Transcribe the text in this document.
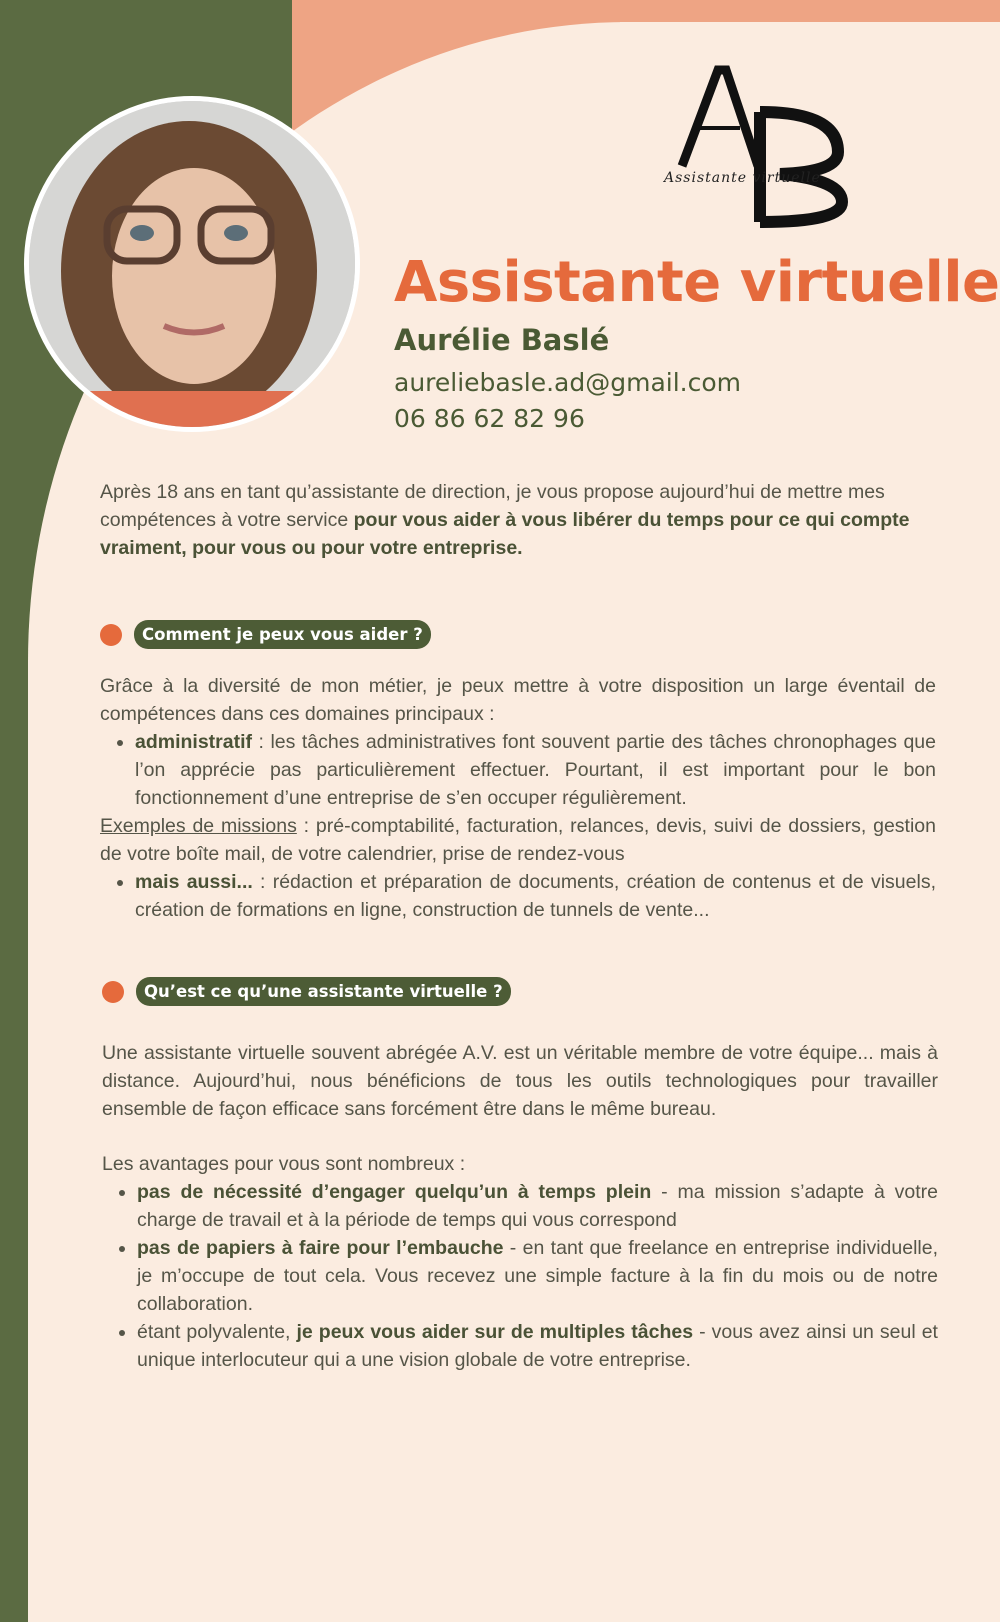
Assistante virtuelle
Assistante virtuelle
Aurélie Baslé
aureliebasle.ad@gmail.com
06 86 62 82 96
Après 18 ans en tant qu’assistante de direction, je vous propose aujourd’hui de mettre mes compétences à votre service pour vous aider à vous libérer du temps pour ce qui compte vraiment, pour vous ou pour votre entreprise.
Comment je peux vous aider ?
Grâce à la diversité de mon métier, je peux mettre à votre disposition un large éventail de compétences dans ces domaines principaux :
• administratif : les tâches administratives font souvent partie des tâches chronophages que l’on apprécie pas particulièrement effectuer. Pourtant, il est important pour le bon fonctionnement d’une entreprise de s’en occuper régulièrement.
Exemples de missions : pré-comptabilité, facturation, relances, devis, suivi de dossiers, gestion de votre boîte mail, de votre calendrier, prise de rendez-vous
• mais aussi... : rédaction et préparation de documents, création de contenus et de visuels, création de formations en ligne, construction de tunnels de vente...
Qu’est ce qu’une assistante virtuelle ?
Une assistante virtuelle souvent abrégée A.V. est un véritable membre de votre équipe... mais à distance. Aujourd’hui, nous bénéficions de tous les outils technologiques pour travailler ensemble de façon efficace sans forcément être dans le même bureau.
Les avantages pour vous sont nombreux :
• pas de nécessité d’engager quelqu’un à temps plein - ma mission s’adapte à votre charge de travail et à la période de temps qui vous correspond
• pas de papiers à faire pour l’embauche - en tant que freelance en entreprise individuelle, je m’occupe de tout cela. Vous recevez une simple facture à la fin du mois ou de notre collaboration.
• étant polyvalente, je peux vous aider sur de multiples tâches - vous avez ainsi un seul et unique interlocuteur qui a une vision globale de votre entreprise.
